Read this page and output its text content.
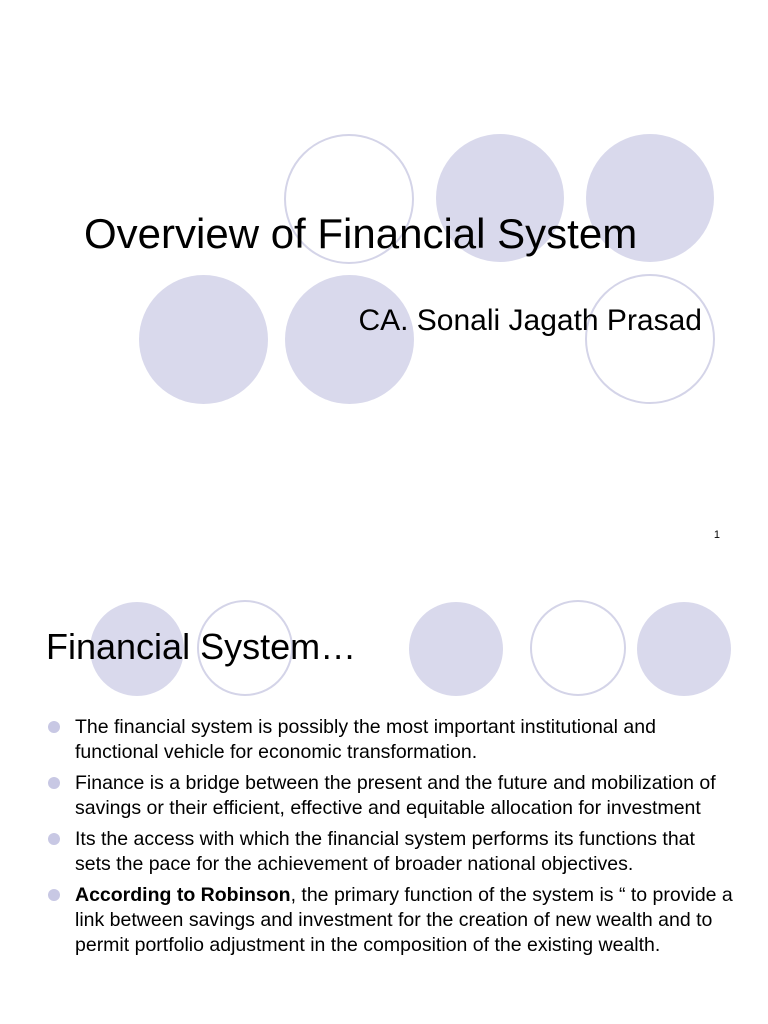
Overview of Financial System
CA. Sonali Jagath Prasad
1
Financial System…
The financial system is possibly the most important institutional and functional vehicle for economic transformation.
Finance is a bridge between the present and the future and mobilization of savings or their efficient, effective and equitable allocation for investment
Its the access with which the financial system performs its functions that sets the pace for the achievement of broader national objectives.
According to Robinson, the primary function of the system is “ to provide a link between savings and investment for the creation of new wealth and to permit portfolio adjustment in the composition of the existing wealth.
